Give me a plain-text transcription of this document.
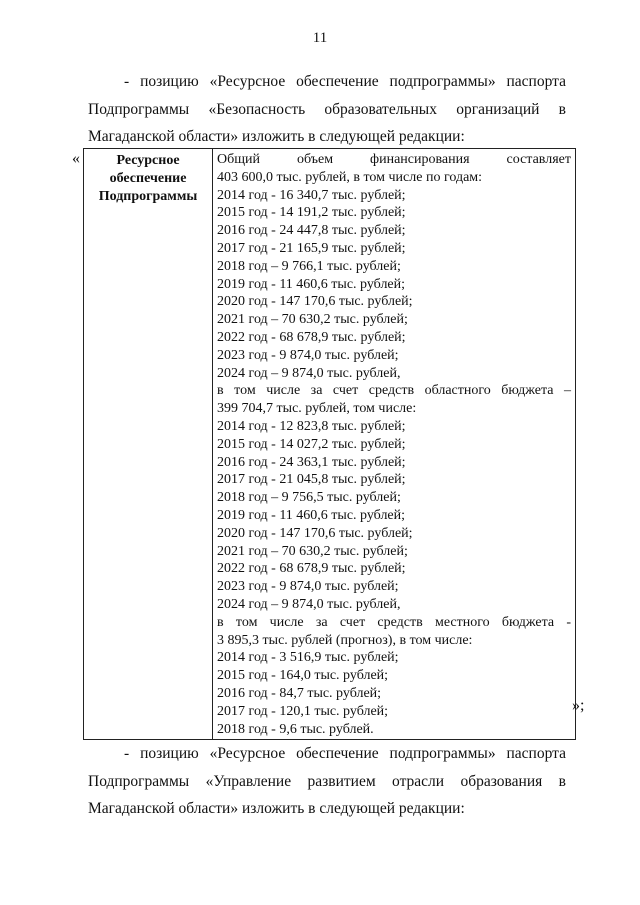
11
- позицию «Ресурсное обеспечение подпрограммы» паспорта
Подпрограммы «Безопасность образовательных организаций в
Магаданской области» изложить в следующей редакции:
«	Ресурсное
обеспечение
Подпрограммы

Общий объем финансирования составляет
403 600,0 тыс. рублей, в том числе по годам:
2014 год - 16 340,7 тыс. рублей;
2015 год - 14 191,2 тыс. рублей;
2016 год - 24 447,8 тыс. рублей;
2017 год - 21 165,9 тыс. рублей;
2018 год – 9 766,1 тыс. рублей;
2019 год - 11 460,6 тыс. рублей;
2020 год - 147 170,6 тыс. рублей;
2021 год – 70 630,2 тыс. рублей;
2022 год - 68 678,9 тыс. рублей;
2023 год - 9 874,0 тыс. рублей;
2024 год – 9 874,0 тыс. рублей,
в том числе за счет средств областного бюджета –
399 704,7 тыс. рублей, том числе:
2014 год - 12 823,8 тыс. рублей;
2015 год - 14 027,2 тыс. рублей;
2016 год - 24 363,1 тыс. рублей;
2017 год - 21 045,8 тыс. рублей;
2018 год – 9 756,5 тыс. рублей;
2019 год - 11 460,6 тыс. рублей;
2020 год - 147 170,6 тыс. рублей;
2021 год – 70 630,2 тыс. рублей;
2022 год - 68 678,9 тыс. рублей;
2023 год - 9 874,0 тыс. рублей;
2024 год – 9 874,0 тыс. рублей,
в том числе за счет средств местного бюджета -
3 895,3 тыс. рублей (прогноз), в том числе:
2014 год - 3 516,9 тыс. рублей;
2015 год - 164,0 тыс. рублей;
2016 год - 84,7 тыс. рублей;
2017 год - 120,1 тыс. рублей;
2018 год - 9,6 тыс. рублей.
»;
- позицию «Ресурсное обеспечение подпрограммы» паспорта
Подпрограммы «Управление развитием отрасли образования в
Магаданской области» изложить в следующей редакции:
